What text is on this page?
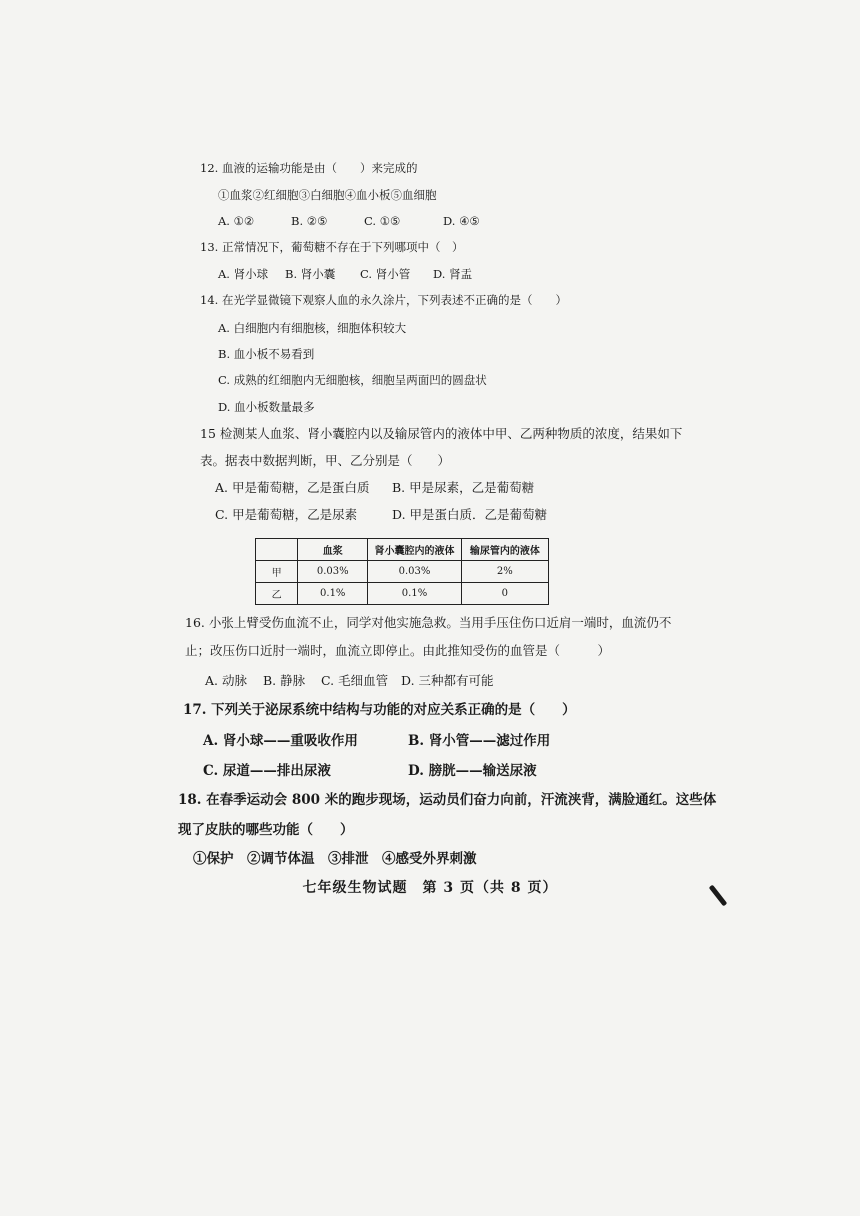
12. 血液的运输功能是由（　　）来完成的
①血浆②红细胞③白细胞④血小板⑤血细胞
A. ①②	B. ②⑤	C. ①⑤	D. ④⑤
13. 正常情况下，葡萄糖不存在于下列哪项中（　）
A. 肾小球 B. 肾小囊 C. 肾小管 D. 肾盂
14. 在光学显微镜下观察人血的永久涂片，下列表述不正确的是（　　）
A. 白细胞内有细胞核，细胞体积较大
B. 血小板不易看到
C. 成熟的红细胞内无细胞核，细胞呈两面凹的圆盘状
D. 血小板数量最多
15 检测某人血浆、肾小囊腔内以及输尿管内的液体中甲、乙两种物质的浓度，结果如下
表。据表中数据判断，甲、乙分别是（　　）
A. 甲是葡萄糖，乙是蛋白质 B. 甲是尿素，乙是葡萄糖
C. 甲是葡萄糖，乙是尿素	D. 甲是蛋白质．乙是葡萄糖
	血浆	肾小囊腔内的液体	输尿管内的液体
甲	0.03%	0.03%	2%
乙	0.1%	0.1%	0
16. 小张上臂受伤血流不止，同学对他实施急救。当用手压住伤口近肩一端时，血流仍不
止；改压伤口近肘一端时，血流立即停止。由此推知受伤的血管是（　　　）
A. 动脉 B. 静脉 C. 毛细血管 D. 三种都有可能
17. 下列关于泌尿系统中结构与功能的对应关系正确的是（　　）
A. 肾小球——重吸收作用	B. 肾小管——滤过作用
C. 尿道——排出尿液	D. 膀胱——输送尿液
18. 在春季运动会 800 米的跑步现场，运动员们奋力向前，汗流浃背，满脸通红。这些体
现了皮肤的哪些功能（　　）
①保护　②调节体温　③排泄　④感受外界刺激
七年级生物试题　第 3 页（共 8 页）
